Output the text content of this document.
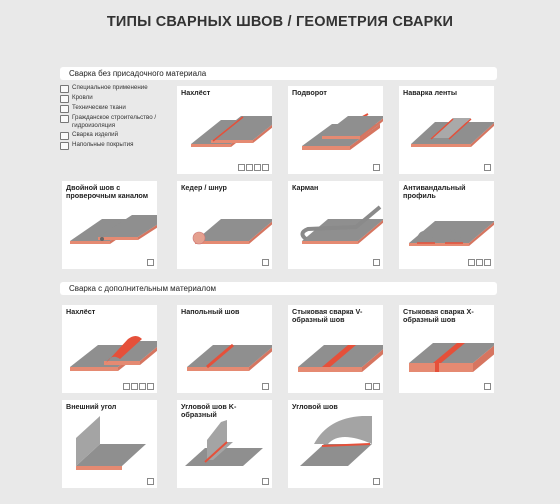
ТИПЫ СВАРНЫХ ШВОВ / ГЕОМЕТРИЯ СВАРКИ
Сварка без присадочного материала
Специальное применение
Кровли
Технические ткани
Гражданское строительство / гидроизоляция
Сварка изделий
Напольные покрытия
Сварка с дополнительным материалом
Нахлёст	Подворот	Наварка ленты
Двойной шов с проверочным каналом
Кедер / шнур	Карман	Антивандальный профиль
Нахлёст	Напольный шов	Стыковая сварка V-образный шов
Стыковая сварка X-образный шов
Внешний угол	Угловой шов K-образный
Угловой шов
